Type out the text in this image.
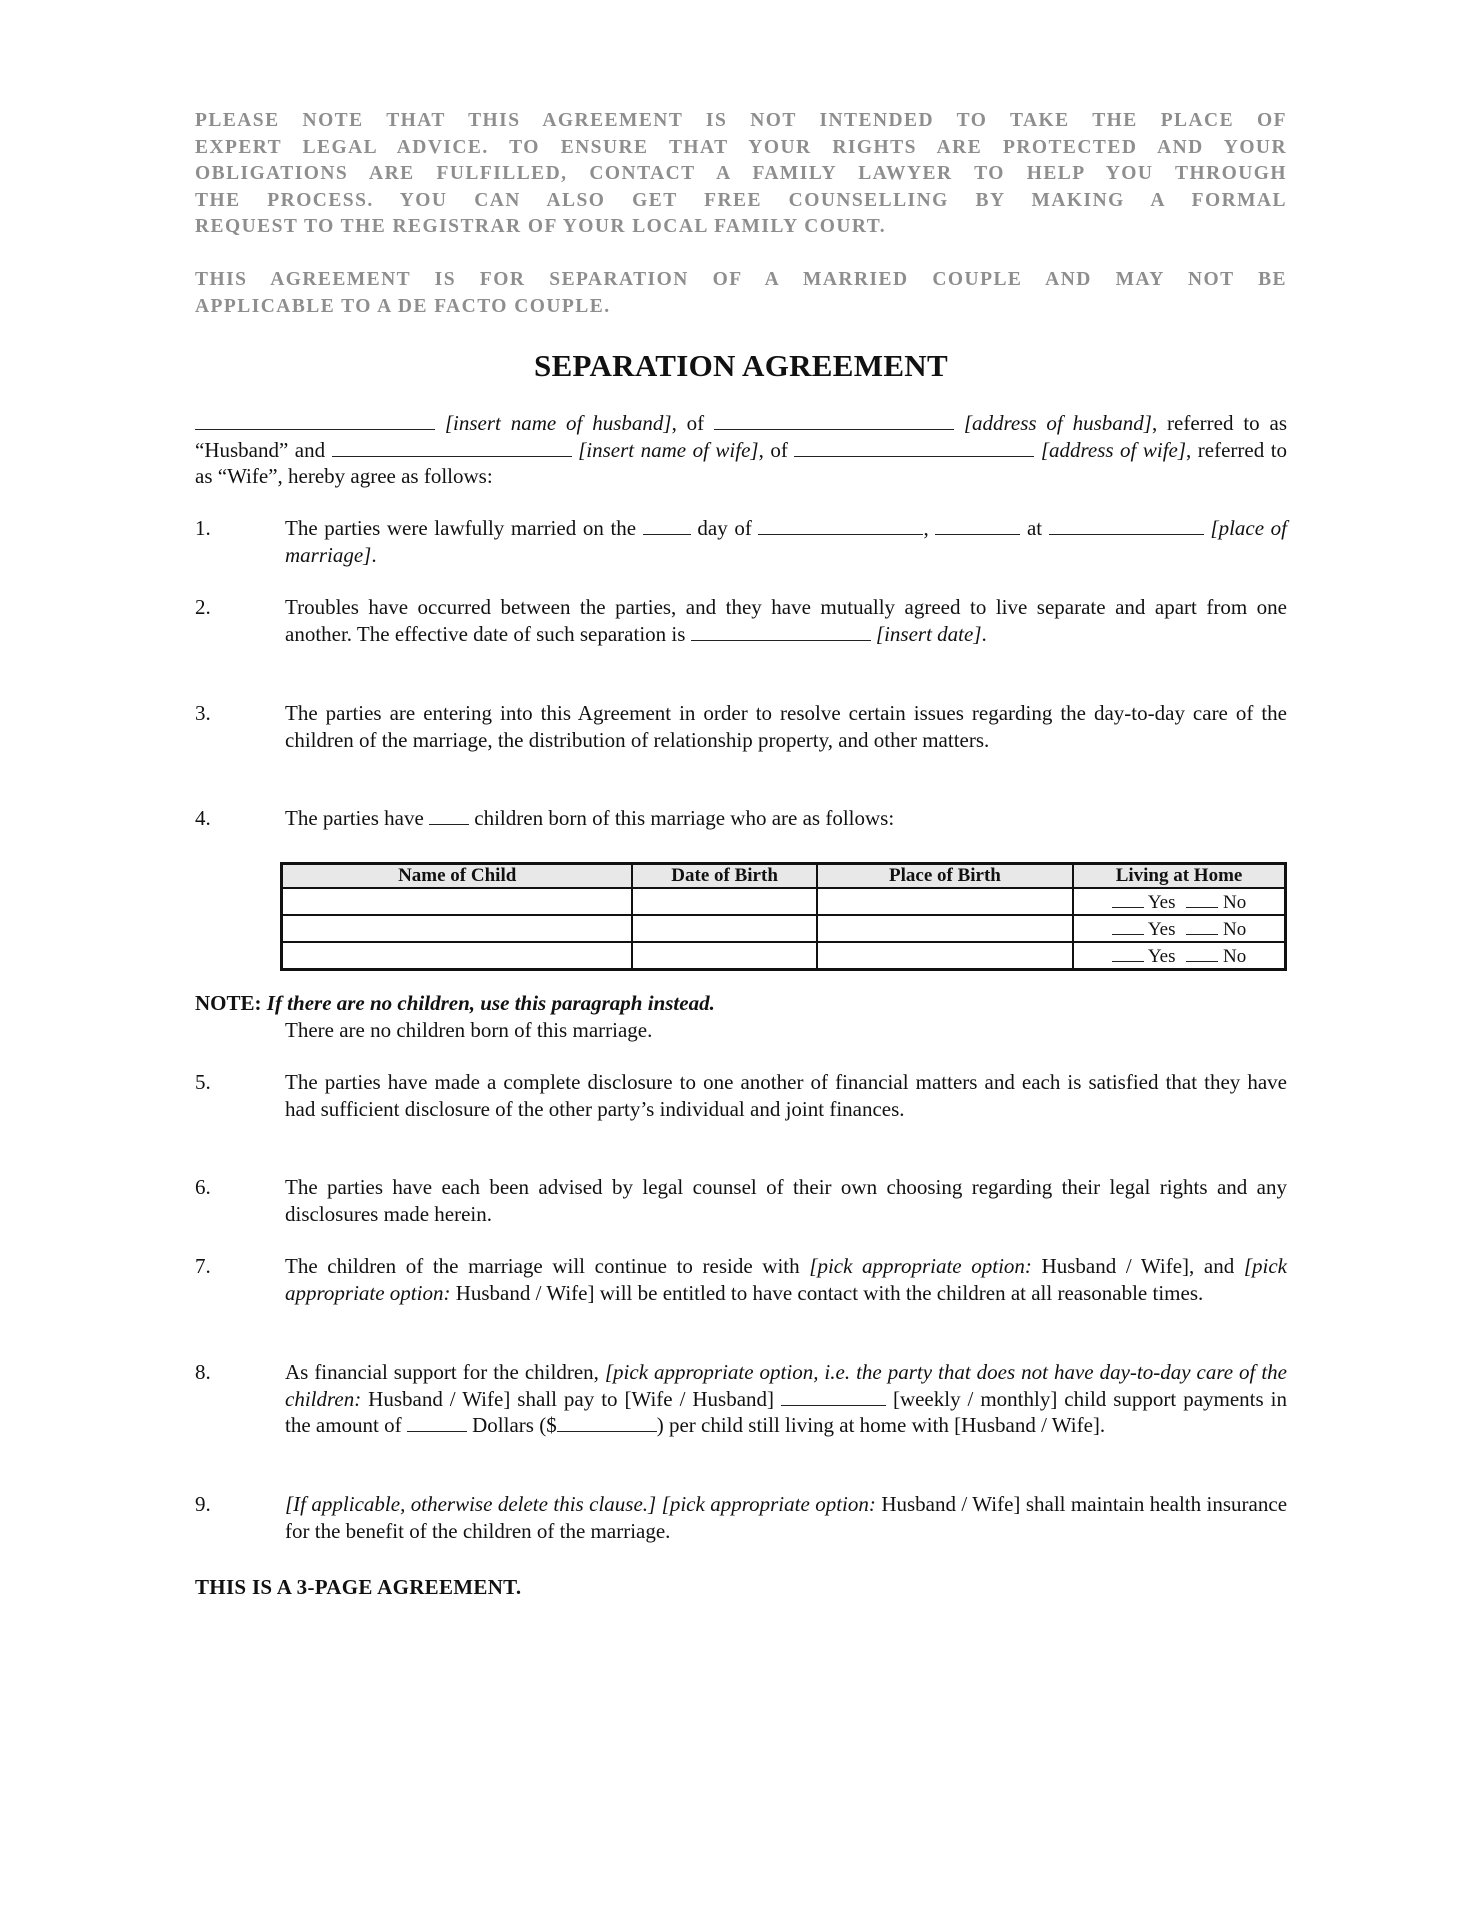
PLEASE NOTE THAT THIS AGREEMENT IS NOT INTENDED TO TAKE THE PLACE OF
EXPERT LEGAL ADVICE. TO ENSURE THAT YOUR RIGHTS ARE PROTECTED AND YOUR
OBLIGATIONS ARE FULFILLED, CONTACT A FAMILY LAWYER TO HELP YOU THROUGH
THE PROCESS. YOU CAN ALSO GET FREE COUNSELLING BY MAKING A FORMAL
REQUEST TO THE REGISTRAR OF YOUR LOCAL FAMILY COURT.
THIS AGREEMENT IS FOR SEPARATION OF A MARRIED COUPLE AND MAY NOT BE
APPLICABLE TO A DE FACTO COUPLE.
SEPARATION AGREEMENT
[insert name of husband], of	[address of husband], referred to as “Husband” and	[insert name of wife], of	[address of wife], referred to as “Wife”, hereby agree as follows:
1.	The parties were lawfully married on the  day of	,	at	[place of marriage].
2.	Troubles have occurred between the parties, and they have mutually agreed to live separate and apart from one another. The effective date of such separation is	[insert date].
3.	The parties are entering into this Agreement in order to resolve certain issues regarding the day-to-day care of the children of the marriage, the distribution of relationship property, and other matters.
4.	The parties have  children born of this marriage who are as follows:
Name of Child	Date of Birth	Place of Birth	Living at Home
			Yes No
			Yes No
			Yes No
NOTE: If there are no children, use this paragraph instead.
There are no children born of this marriage.
5.	The parties have made a complete disclosure to one another of financial matters and each is satisfied that they have had sufficient disclosure of the other party’s individual and joint finances.
6.	The parties have each been advised by legal counsel of their own choosing regarding their legal rights and any disclosures made herein.
7.	The children of the marriage will continue to reside with [pick appropriate option: Husband / Wife], and [pick appropriate option: Husband / Wife] will be entitled to have contact with the children at all reasonable times.
8.	As financial support for the children, [pick appropriate option, i.e. the party that does not have day-to-day care of the children: Husband / Wife] shall pay to [Wife / Husband]	[weekly / monthly] child support payments in the amount of	Dollars ($	) per child still living at home with [Husband / Wife].
9.	[If applicable, otherwise delete this clause.] [pick appropriate option: Husband / Wife] shall maintain health insurance for the benefit of the children of the marriage.
THIS IS A 3-PAGE AGREEMENT.
